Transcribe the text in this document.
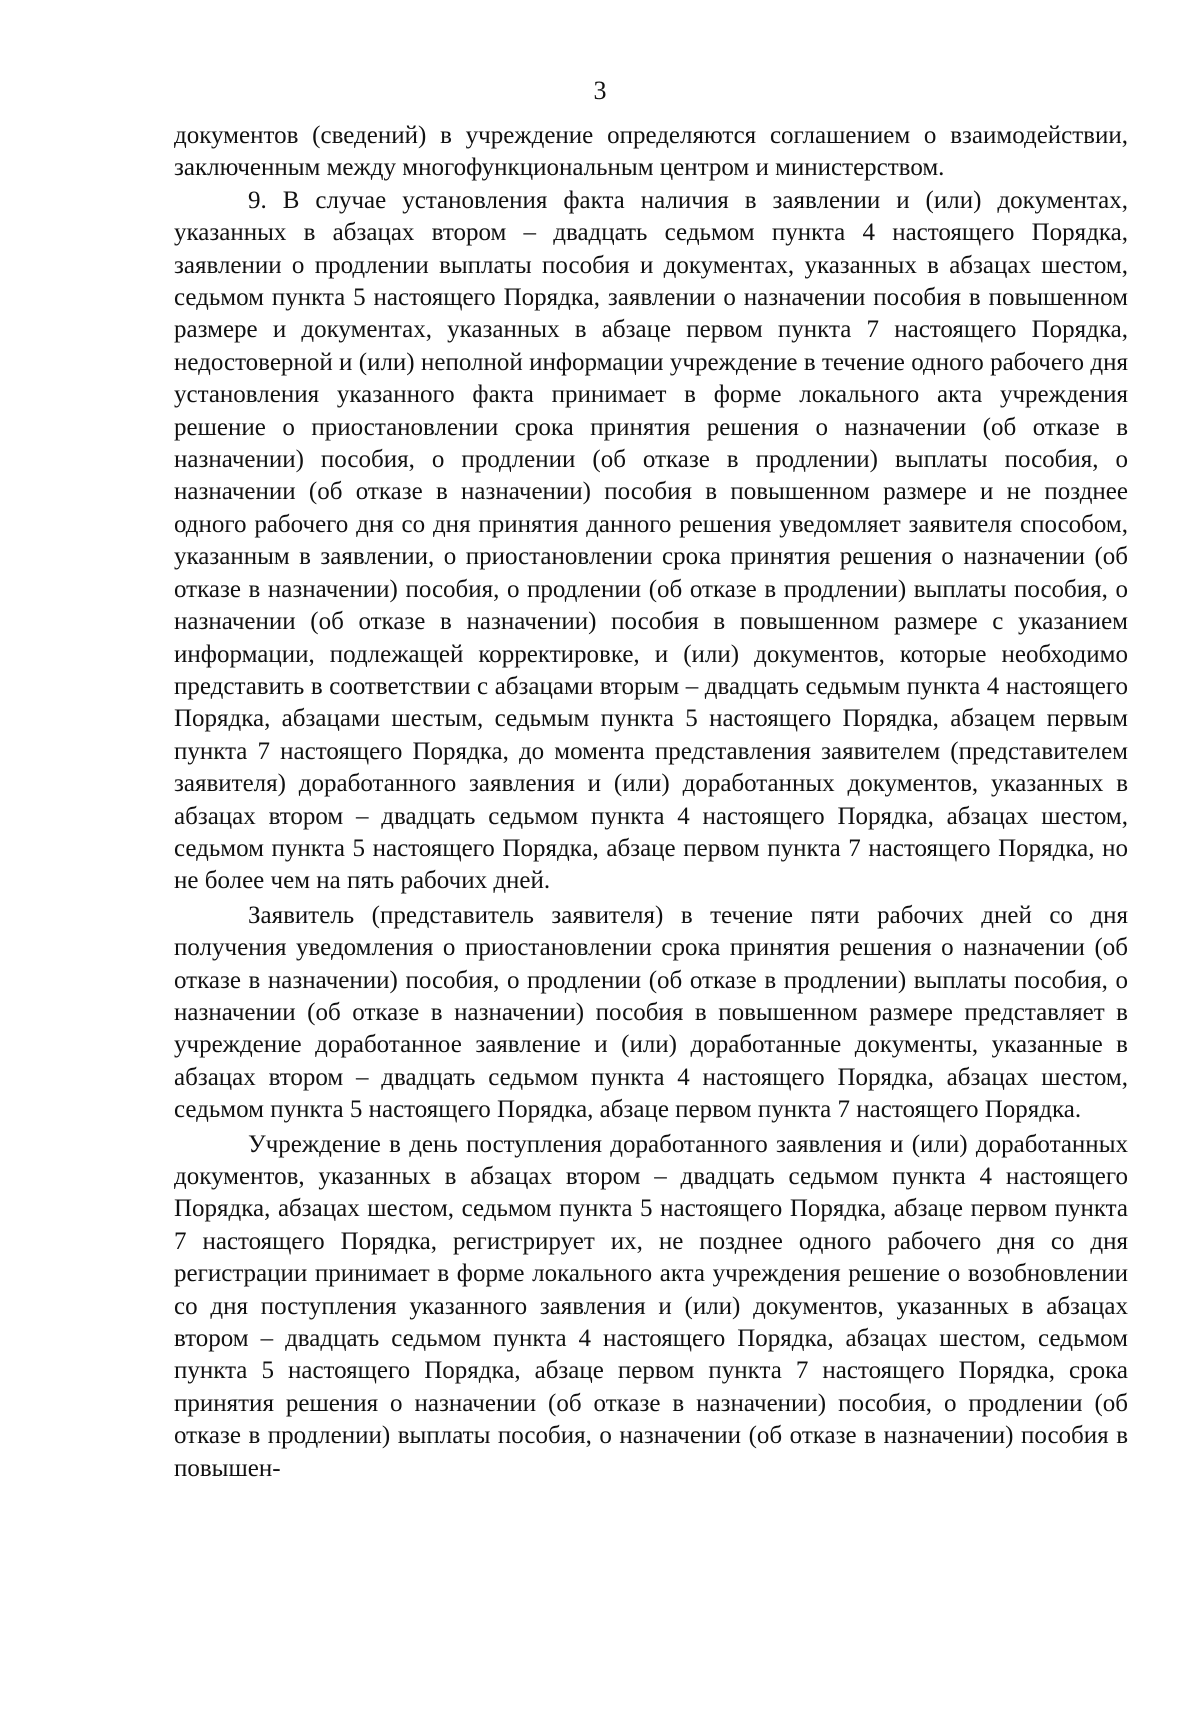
3

документов (сведений) в учреждение определяются соглашением о взаимодействии, заключенным между многофункциональным центром и министерством.

9. В случае установления факта наличия в заявлении и (или) документах, указанных в абзацах втором – двадцать седьмом пункта 4 настоящего Порядка, заявлении о продлении выплаты пособия и документах, указанных в абзацах шестом, седьмом пункта 5 настоящего Порядка, заявлении о назначении пособия в повышенном размере и документах, указанных в абзаце первом пункта 7 настоящего Порядка, недостоверной и (или) неполной информации учреждение в течение одного рабочего дня установления указанного факта принимает в форме локального акта учреждения решение о приостановлении срока принятия решения о назначении (об отказе в назначении) пособия, о продлении (об отказе в продлении) выплаты пособия, о назначении (об отказе в назначении) пособия в повышенном размере и не позднее одного рабочего дня со дня принятия данного решения уведомляет заявителя способом, указанным в заявлении, о приостановлении срока принятия решения о назначении (об отказе в назначении) пособия, о продлении (об отказе в продлении) выплаты пособия, о назначении (об отказе в назначении) пособия в повышенном размере с указанием информации, подлежащей корректировке, и (или) документов, которые необходимо представить в соответствии с абзацами вторым – двадцать седьмым пункта 4 настоящего Порядка, абзацами шестым, седьмым пункта 5 настоящего Порядка, абзацем первым пункта 7 настоящего Порядка, до момента представления заявителем (представителем заявителя) доработанного заявления и (или) доработанных документов, указанных в абзацах втором – двадцать седьмом пункта 4 настоящего Порядка, абзацах шестом, седьмом пункта 5 настоящего Порядка, абзаце первом пункта 7 настоящего Порядка, но не более чем на пять рабочих дней.

Заявитель (представитель заявителя) в течение пяти рабочих дней со дня получения уведомления о приостановлении срока принятия решения о назначении (об отказе в назначении) пособия, о продлении (об отказе в продлении) выплаты пособия, о назначении (об отказе в назначении) пособия в повышенном размере представляет в учреждение доработанное заявление и (или) доработанные документы, указанные в абзацах втором – двадцать седьмом пункта 4 настоящего Порядка, абзацах шестом, седьмом пункта 5 настоящего Порядка, абзаце первом пункта 7 настоящего Порядка.

Учреждение в день поступления доработанного заявления и (или) доработанных документов, указанных в абзацах втором – двадцать седьмом пункта 4 настоящего Порядка, абзацах шестом, седьмом пункта 5 настоящего Порядка, абзаце первом пункта 7 настоящего Порядка, регистрирует их, не позднее одного рабочего дня со дня регистрации принимает в форме локального акта учреждения решение о возобновлении со дня поступления указанного заявления и (или) документов, указанных в абзацах втором – двадцать седьмом пункта 4 настоящего Порядка, абзацах шестом, седьмом пункта 5 настоящего Порядка, абзаце первом пункта 7 настоящего Порядка, срока принятия решения о назначении (об отказе в назначении) пособия, о продлении (об отказе в продлении) выплаты пособия, о назначении (об отказе в назначении) пособия в повышен-
